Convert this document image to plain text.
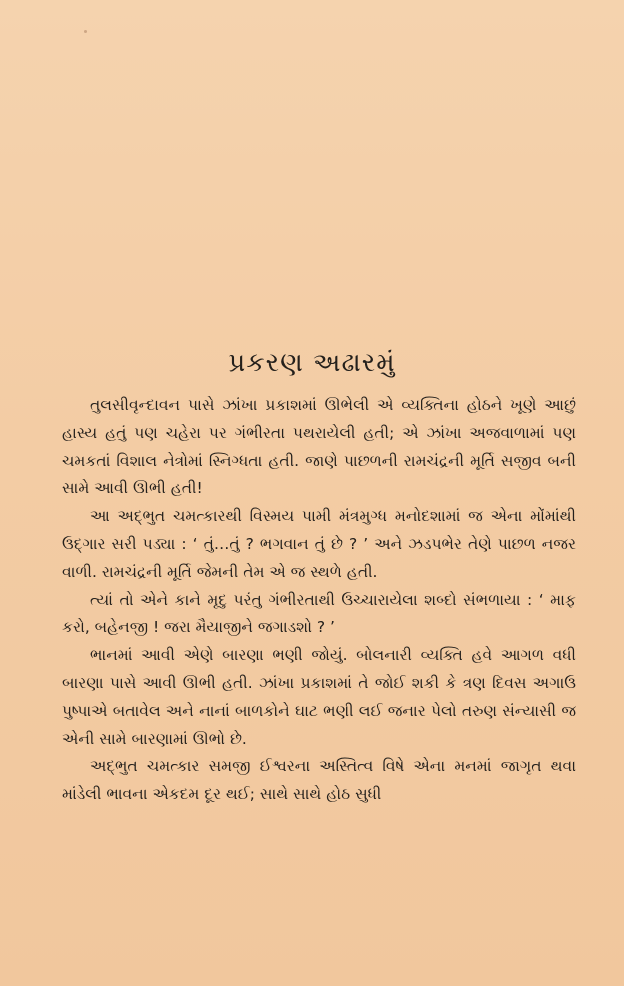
પ્રકરણ અઢારમું

તુલસીવૃન્દાવન પાસે ઝાંખા પ્રકાશમાં ઊભેલી એ વ્યક્તિના હોઠને ખૂણે આછું હાસ્ય હતું પણ ચહેરા પર ગંભીરતા પથરાયેલી હતી; એ ઝાંખા અજવાળામાં પણ ચમકતાં વિશાલ નેત્રોમાં સ્નિગ્ધતા હતી. જાણે પાછળની રામચંદ્રની મૂર્તિ સજીવ બની સામે આવી ઊભી હતી!

આ અદ્ભુત ચમત્કારથી વિસ્મય પામી મંત્રમુગ્ધ મનોદશામાં જ એના મોંમાંથી ઉદ્ગાર સરી પડ્યા : ‘ તું…તું ? ભગવાન તું છે ? ’ અને ઝડપભેર તેણે પાછળ નજર વાળી. રામચંદ્રની મૂર્તિ જેમની તેમ એ જ સ્થળે હતી.

ત્યાં તો એને કાને મૃદુ પરંતુ ગંભીરતાથી ઉચ્ચારાયેલા શબ્દો સંભળાયા : ‘ માફ કરો, બહેનજી ! જરા મૈયાજીને જગાડશો ? ’

ભાનમાં આવી એણે બારણા ભણી જોયું. બોલનારી વ્યક્તિ હવે આગળ વધી બારણા પાસે આવી ઊભી હતી. ઝાંખા પ્રકાશમાં તે જોઈ શકી કે ત્રણ દિવસ અગાઉ પુષ્પાએ બતાવેલ અને નાનાં બાળકોને ઘાટ ભણી લઈ જનાર પેલો તરુણ સંન્યાસી જ એની સામે બારણામાં ઊભો છે.

અદ્ભુત ચમત્કાર સમજી ઈશ્વરના અસ્તિત્વ વિષે એના મનમાં જાગૃત થવા માંડેલી ભાવના એકદમ દૂર થઈ; સાથે સાથે હોઠ સુધી
